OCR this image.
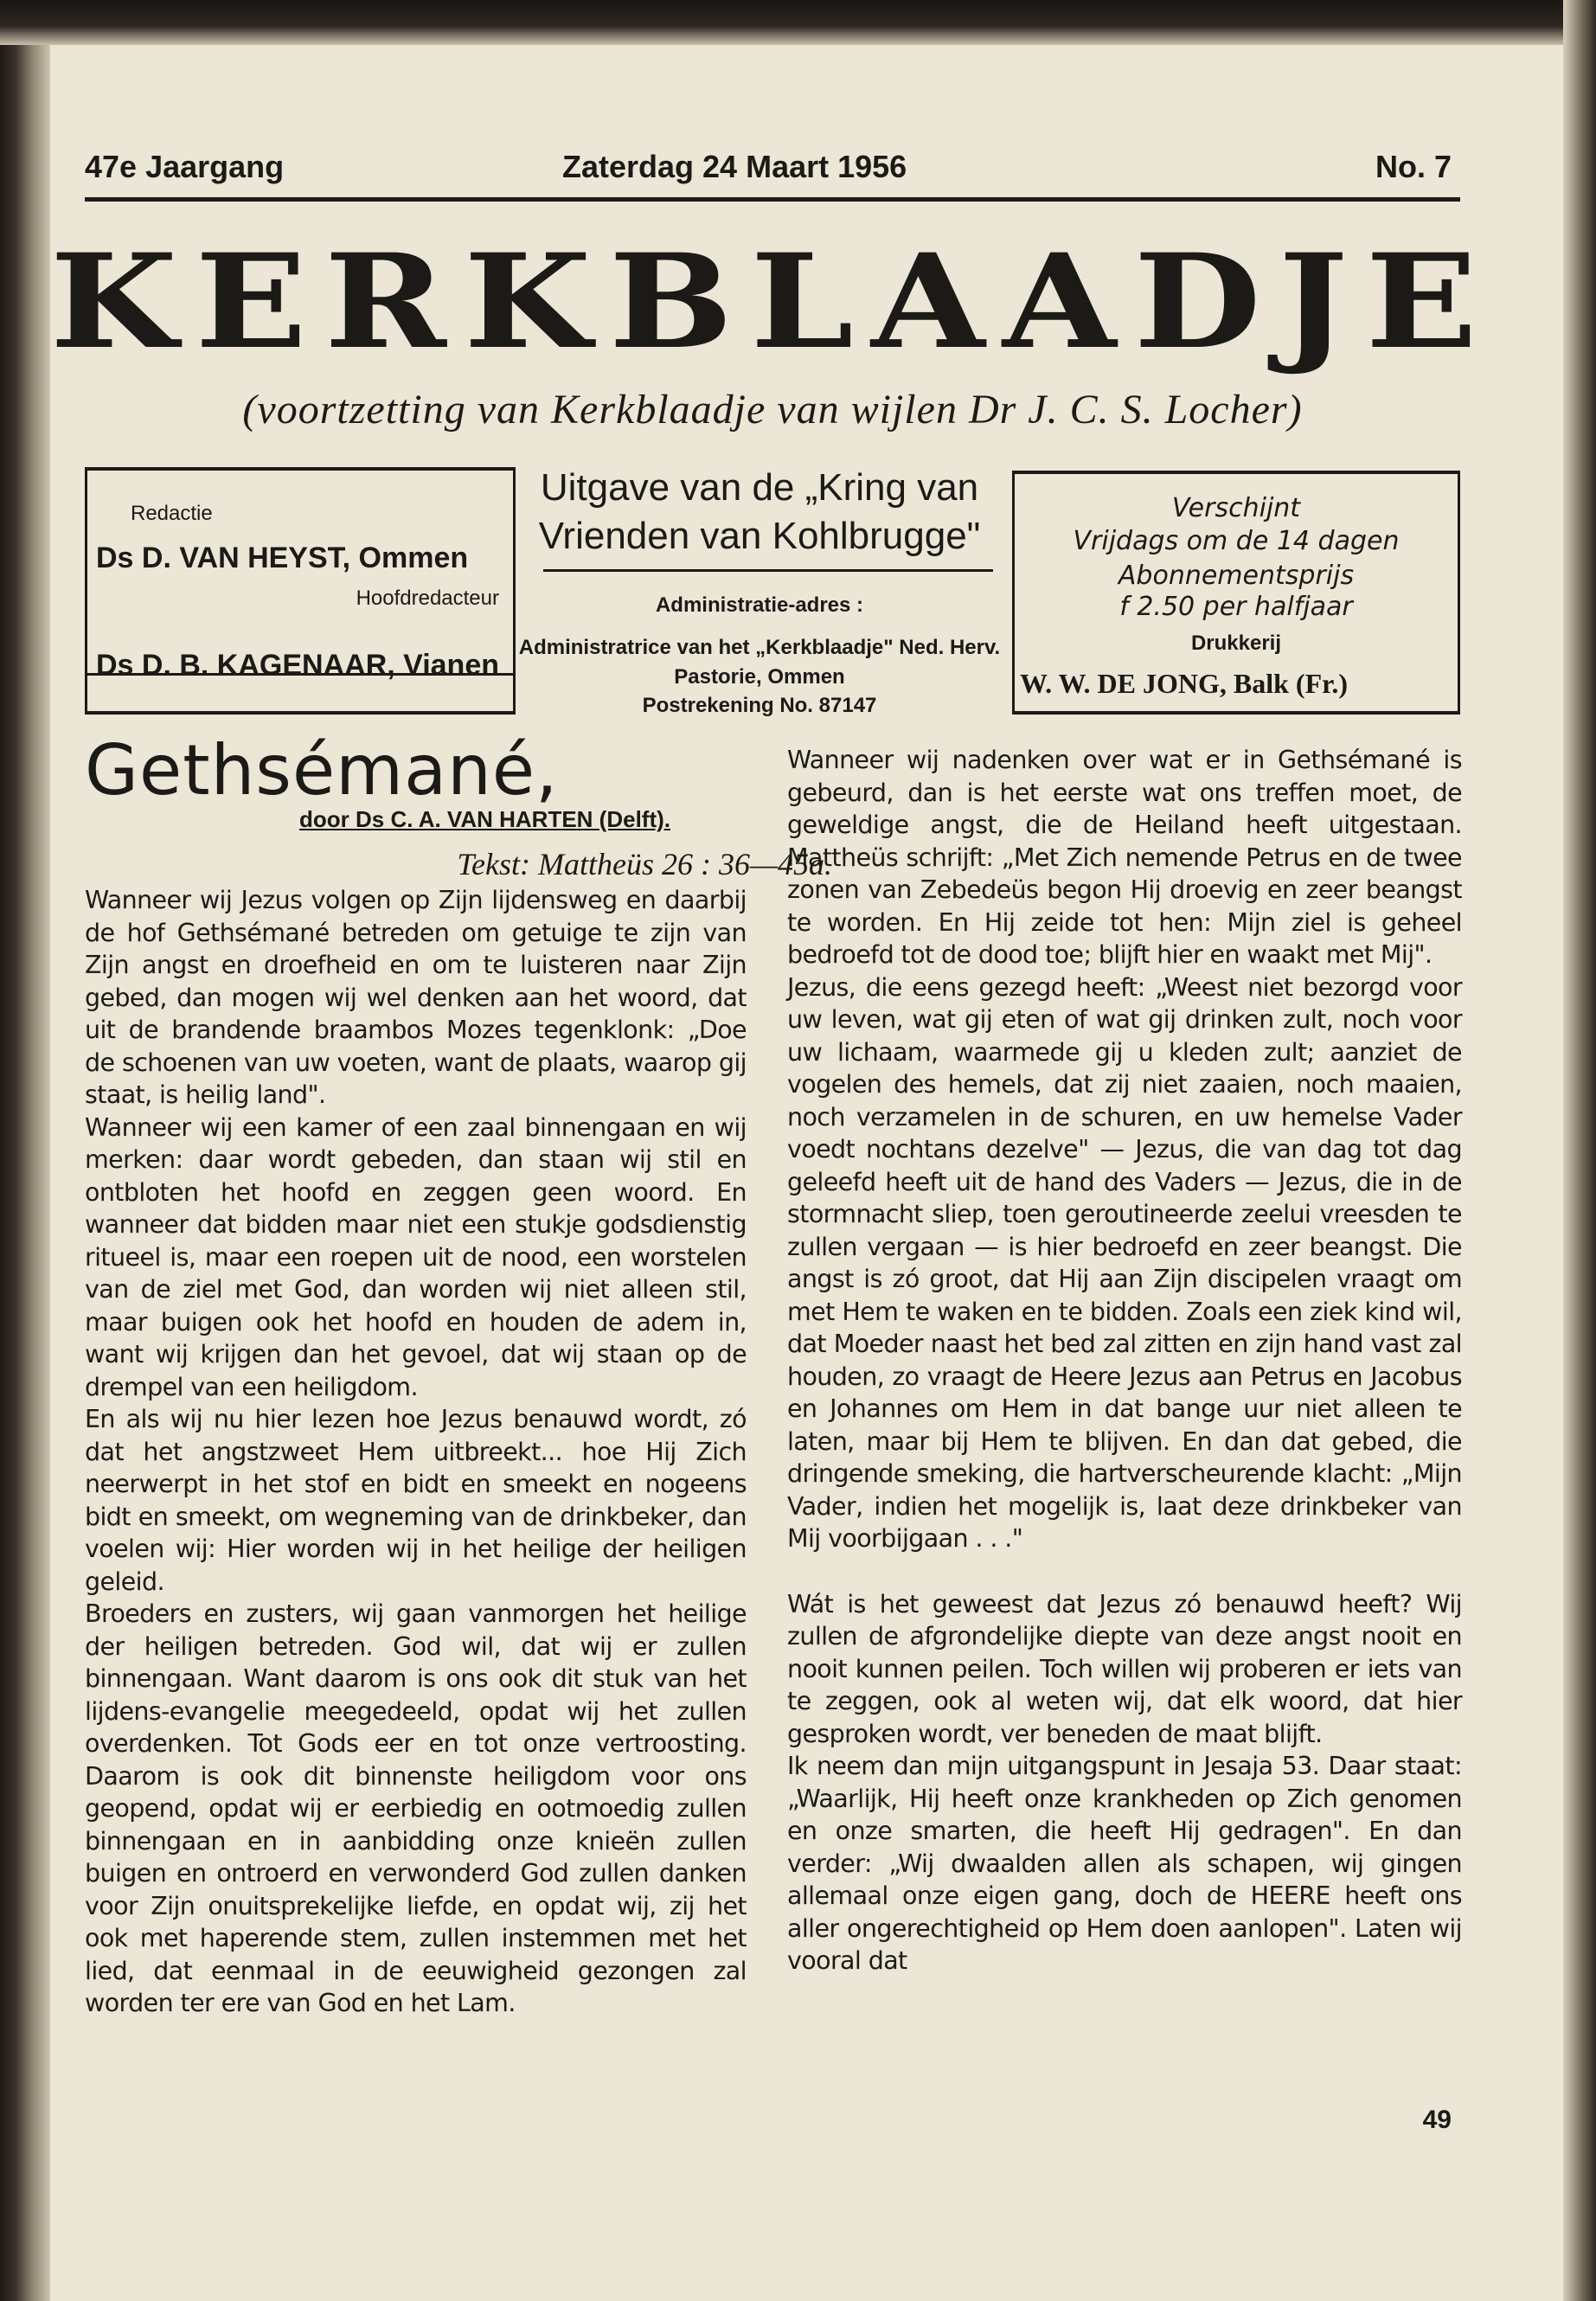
47e Jaargang	Zaterdag 24 Maart 1956	No. 7
KERKBLAADJE
(voortzetting van Kerkblaadje van wijlen Dr J. C. S. Locher)
Redactie
Ds D. VAN HEYST, Ommen
Hoofdredacteur
Ds D. B. KAGENAAR, Vianen
Uitgave van de „Kring van Vrienden van Kohlbrugge"
Administratie-adres :
Administratrice van het „Kerkblaadje" Ned. Herv. Pastorie, Ommen
Postrekening No. 87147
Verschijnt
Vrijdags om de 14 dagen
Abonnementsprijs
f 2.50 per halfjaar
Drukkerij
W. W. DE JONG, Balk (Fr.)
Gethsémané,
door Ds C. A. VAN HARTEN (Delft).
Tekst: Mattheüs 26 : 36—45a.

Wanneer wij Jezus volgen op Zijn lijdensweg en daarbij de hof Gethsémané betreden om getuige te zijn van Zijn angst en droefheid en om te luisteren naar Zijn gebed, dan mogen wij wel denken aan het woord, dat uit de brandende braambos Mozes tegenklonk: „Doe de schoenen van uw voeten, want de plaats, waarop gij staat, is heilig land".

Wanneer wij een kamer of een zaal binnengaan en wij merken: daar wordt gebeden, dan staan wij stil en ontbloten het hoofd en zeggen geen woord. En wanneer dat bidden maar niet een stukje godsdienstig ritueel is, maar een roepen uit de nood, een worstelen van de ziel met God, dan worden wij niet alleen stil, maar buigen ook het hoofd en houden de adem in, want wij krijgen dan het gevoel, dat wij staan op de drempel van een heiligdom.

En als wij nu hier lezen hoe Jezus benauwd wordt, zó dat het angstzweet Hem uitbreekt... hoe Hij Zich neerwerpt in het stof en bidt en smeekt en nogeens bidt en smeekt, om wegneming van de drinkbeker, dan voelen wij: Hier worden wij in het heilige der heiligen geleid.

Broeders en zusters, wij gaan vanmorgen het heilige der heiligen betreden. God wil, dat wij er zullen binnengaan. Want daarom is ons ook dit stuk van het lijdens-evangelie meegedeeld, opdat wij het zullen overdenken. Tot Gods eer en tot onze vertroosting. Daarom is ook dit binnenste heiligdom voor ons geopend, opdat wij er eerbiedig en ootmoedig zullen binnengaan en in aanbidding onze knieën zullen buigen en ontroerd en verwonderd God zullen danken voor Zijn onuitsprekelijke liefde, en opdat wij, zij het ook met haperende stem, zullen instemmen met het lied, dat eenmaal in de eeuwigheid gezongen zal worden ter ere van God en het Lam.

Wanneer wij nadenken over wat er in Gethsémané is gebeurd, dan is het eerste wat ons treffen moet, de geweldige angst, die de Heiland heeft uitgestaan. Mattheüs schrijft: „Met Zich nemende Petrus en de twee zonen van Zebedeüs begon Hij droevig en zeer beangst te worden. En Hij zeide tot hen: Mijn ziel is geheel bedroefd tot de dood toe; blijft hier en waakt met Mij".

Jezus, die eens gezegd heeft: „Weest niet bezorgd voor uw leven, wat gij eten of wat gij drinken zult, noch voor uw lichaam, waarmede gij u kleden zult; aanziet de vogelen des hemels, dat zij niet zaaien, noch maaien, noch verzamelen in de schuren, en uw hemelse Vader voedt nochtans dezelve" — Jezus, die van dag tot dag geleefd heeft uit de hand des Vaders — Jezus, die in de stormnacht sliep, toen geroutineerde zeelui vreesden te zullen vergaan — is hier bedroefd en zeer beangst. Die angst is zó groot, dat Hij aan Zijn discipelen vraagt om met Hem te waken en te bidden. Zoals een ziek kind wil, dat Moeder naast het bed zal zitten en zijn hand vast zal houden, zo vraagt de Heere Jezus aan Petrus en Jacobus en Johannes om Hem in dat bange uur niet alleen te laten, maar bij Hem te blijven. En dan dat gebed, die dringende smeking, die hartverscheurende klacht: „Mijn Vader, indien het mogelijk is, laat deze drinkbeker van Mij voorbijgaan . . ."

Wát is het geweest dat Jezus zó benauwd heeft? Wij zullen de afgrondelijke diepte van deze angst nooit en nooit kunnen peilen. Toch willen wij proberen er iets van te zeggen, ook al weten wij, dat elk woord, dat hier gesproken wordt, ver beneden de maat blijft.

Ik neem dan mijn uitgangspunt in Jesaja 53. Daar staat: „Waarlijk, Hij heeft onze krankheden op Zich genomen en onze smarten, die heeft Hij gedragen". En dan verder: „Wij dwaalden allen als schapen, wij gingen allemaal onze eigen gang, doch de HEERE heeft ons aller ongerechtigheid op Hem doen aanlopen". Laten wij vooral dat

49
